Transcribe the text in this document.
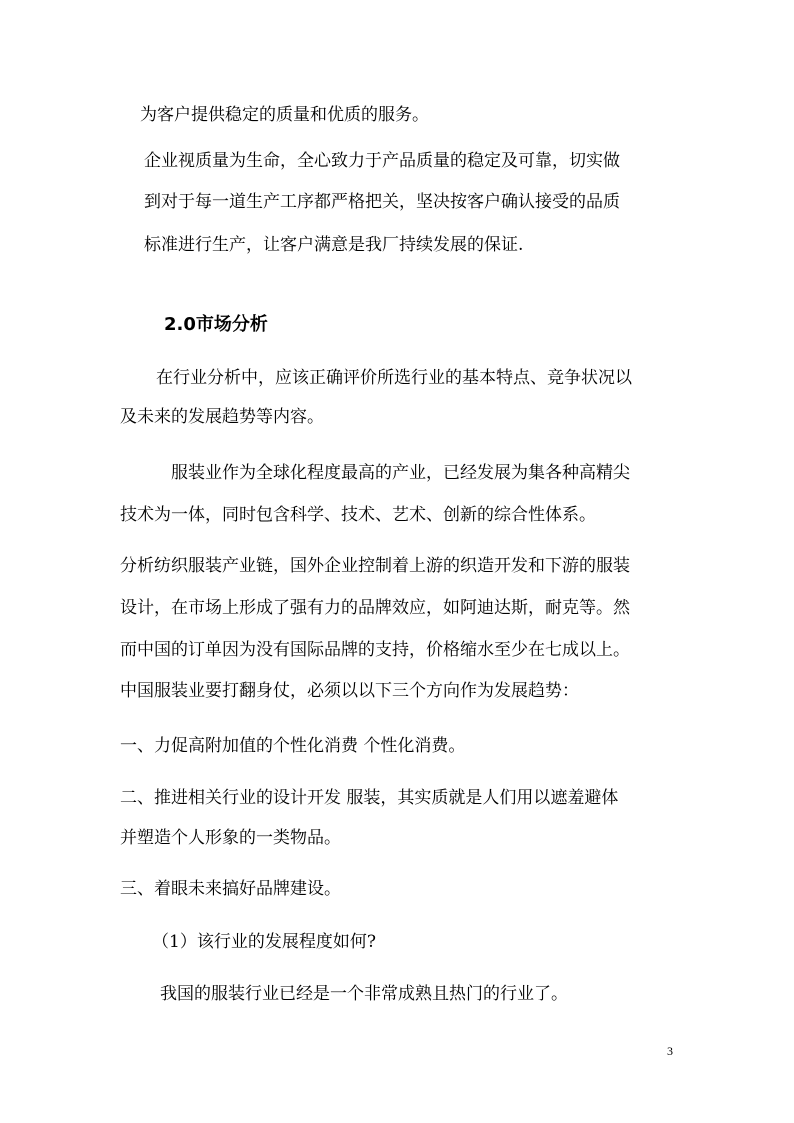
为客户提供稳定的质量和优质的服务。
企业视质量为生命，全心致力于产品质量的稳定及可靠，切实做
到对于每一道生产工序都严格把关，坚决按客户确认接受的品质
标准进行生产，让客户满意是我厂持续发展的保证.
2.0市场分析
在行业分析中，应该正确评价所选行业的基本特点、竞争状况以
及未来的发展趋势等内容。
服装业作为全球化程度最高的产业，已经发展为集各种高精尖
技术为一体，同时包含科学、技术、艺术、创新的综合性体系。
分析纺织服装产业链，国外企业控制着上游的织造开发和下游的服装
设计，在市场上形成了强有力的品牌效应，如阿迪达斯，耐克等。然
而中国的订单因为没有国际品牌的支持，价格缩水至少在七成以上。
中国服装业要打翻身仗，必须以以下三个方向作为发展趋势：
一、力促高附加值的个性化消费 个性化消费。
二、推进相关行业的设计开发 服装，其实质就是人们用以遮羞避体
并塑造个人形象的一类物品。
三、着眼未来搞好品牌建设。
（1）该行业的发展程度如何?
我国的服装行业已经是一个非常成熟且热门的行业了。
3
